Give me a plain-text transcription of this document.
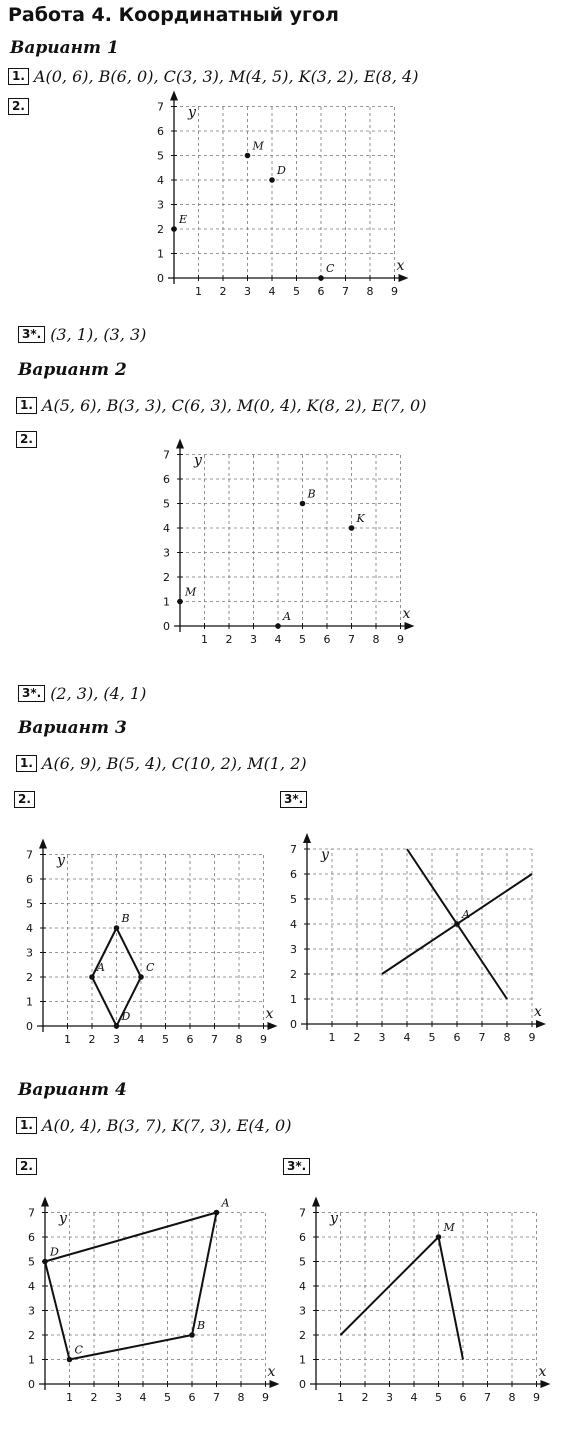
Работа 4. Координатный угол
Вариант 1
1. A(0, 6), B(6, 0), C(3, 3), M(4, 5), K(3, 2), E(8, 4)
2.
1 2 3 4 5 6 7 8 9
0
1
2
3
4
5
6
7
x
y
M
D
E
C
3*. (3, 1), (3, 3)
Вариант 2
1. A(5, 6), B(3, 3), C(6, 3), M(0, 4), K(8, 2), E(7, 0)
2.
1 2 3 4 5 6 7 8 9
0
1
2
3
4
5
6
7
x
y
B
K
M
A
3*. (2, 3), (4, 1)
Вариант 3
1. A(6, 9), B(5, 4), C(10, 2), M(1, 2)
2.	3*.
1 2 3 4 5 6 7 8 9
0
1
2
3
4
5
6
7
x
y
A
B
C
D
1 2 3 4 5 6 7 8 9
0
1
2
3
4
5
6
7
x
y
A
Вариант 4
1. A(0, 4), B(3, 7), K(7, 3), E(4, 0)
2.	3*.
1 2 3 4 5 6 7 8 9
0
1
2
3
4
5
6
7
x
y
A
D
C
B
1 2 3 4 5 6 7 8 9
0
1
2
3
4
5
6
7
x
y
M
